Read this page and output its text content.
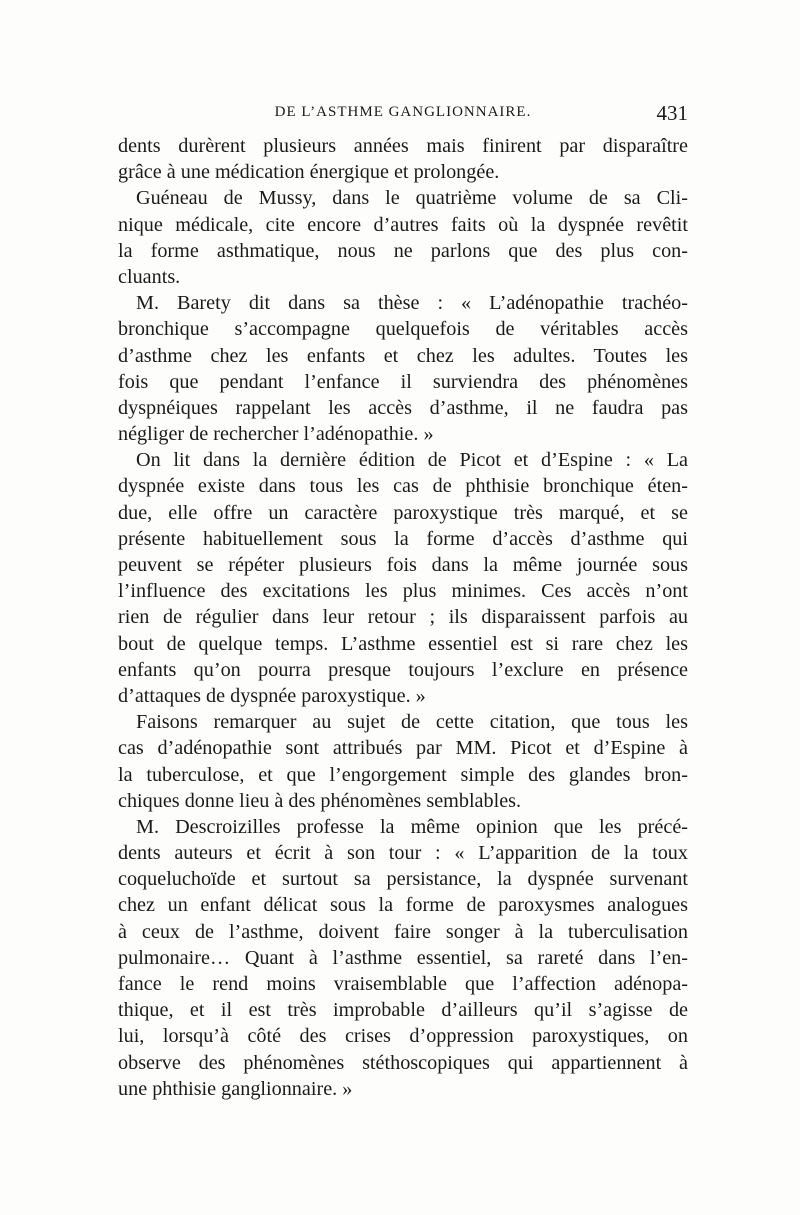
DE L’ASTHME GANGLIONNAIRE.	431
dents durèrent plusieurs années mais finirent par disparaître
grâce à une médication énergique et prolongée.
Guéneau de Mussy, dans le quatrième volume de sa Cli-
nique médicale, cite encore d’autres faits où la dyspnée revêtit
la forme asthmatique, nous ne parlons que des plus con-
cluants.
M. Barety dit dans sa thèse : « L’adénopathie trachéo-
bronchique s’accompagne quelquefois de véritables accès
d’asthme chez les enfants et chez les adultes. Toutes les
fois que pendant l’enfance il surviendra des phénomènes
dyspnéiques rappelant les accès d’asthme, il ne faudra pas
négliger de rechercher l’adénopathie. »
On lit dans la dernière édition de Picot et d’Espine : « La
dyspnée existe dans tous les cas de phthisie bronchique éten-
due, elle offre un caractère paroxystique très marqué, et se
présente habituellement sous la forme d’accès d’asthme qui
peuvent se répéter plusieurs fois dans la même journée sous
l’influence des excitations les plus minimes. Ces accès n’ont
rien de régulier dans leur retour ; ils disparaissent parfois au
bout de quelque temps. L’asthme essentiel est si rare chez les
enfants qu’on pourra presque toujours l’exclure en présence
d’attaques de dyspnée paroxystique. »
Faisons remarquer au sujet de cette citation, que tous les
cas d’adénopathie sont attribués par MM. Picot et d’Espine à
la tuberculose, et que l’engorgement simple des glandes bron-
chiques donne lieu à des phénomènes semblables.
M. Descroizilles professe la même opinion que les précé-
dents auteurs et écrit à son tour : « L’apparition de la toux
coqueluchoïde et surtout sa persistance, la dyspnée survenant
chez un enfant délicat sous la forme de paroxysmes analogues
à ceux de l’asthme, doivent faire songer à la tuberculisation
pulmonaire… Quant à l’asthme essentiel, sa rareté dans l’en-
fance le rend moins vraisemblable que l’affection adénopa-
thique, et il est très improbable d’ailleurs qu’il s’agisse de
lui, lorsqu’à côté des crises d’oppression paroxystiques, on
observe des phénomènes stéthoscopiques qui appartiennent à
une phthisie ganglionnaire. »
